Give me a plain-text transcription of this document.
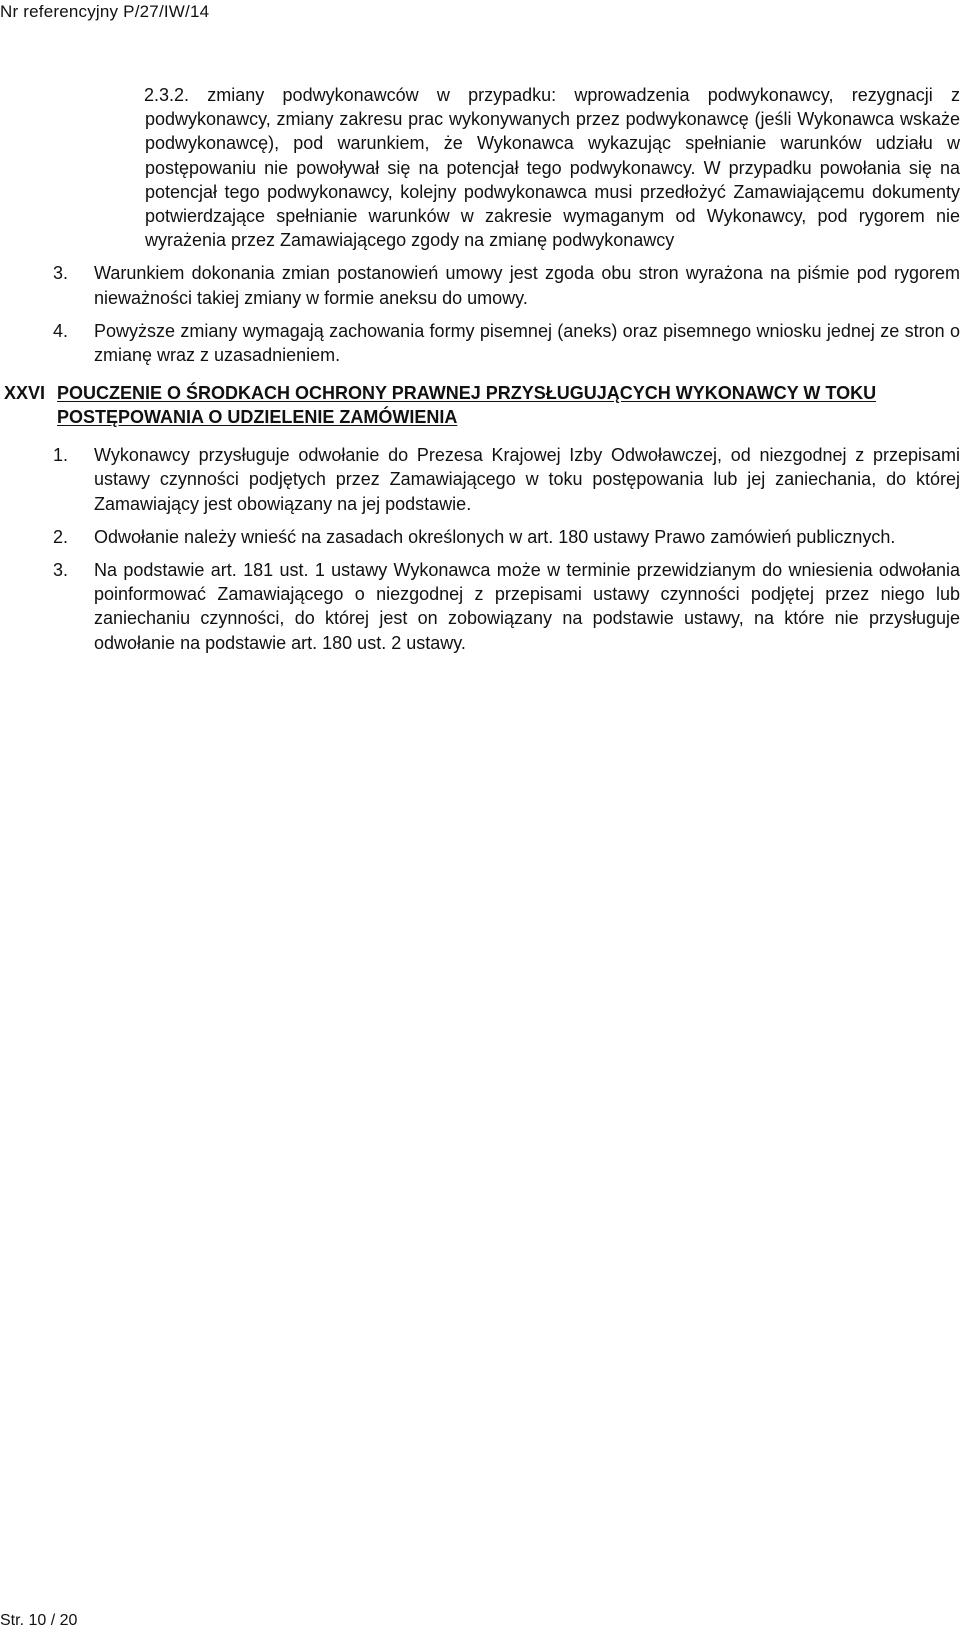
Nr referencyjny P/27/IW/14
2.3.2. zmiany podwykonawców w przypadku: wprowadzenia podwykonawcy, rezygnacji z podwykonawcy, zmiany zakresu prac wykonywanych przez podwykonawcę (jeśli Wykonawca wskaże podwykonawcę), pod warunkiem, że Wykonawca wykazując spełnianie warunków udziału w postępowaniu nie powoływał się na potencjał tego podwykonawcy. W przypadku powołania się na potencjał tego podwykonawcy, kolejny podwykonawca musi przedłożyć Zamawiającemu dokumenty potwierdzające spełnianie warunków w zakresie wymaganym od Wykonawcy, pod rygorem nie wyrażenia przez Zamawiającego zgody na zmianę podwykonawcy
3. Warunkiem dokonania zmian postanowień umowy jest zgoda obu stron wyrażona na piśmie pod rygorem nieważności takiej zmiany w formie aneksu do umowy.
4. Powyższe zmiany wymagają zachowania formy pisemnej (aneks) oraz pisemnego wniosku jednej ze stron o zmianę wraz z uzasadnieniem.
XXVI POUCZENIE O ŚRODKACH OCHRONY PRAWNEJ PRZYSŁUGUJĄCYCH WYKONAWCY W TOKU POSTĘPOWANIA O UDZIELENIE ZAMÓWIENIA
1. Wykonawcy przysługuje odwołanie do Prezesa Krajowej Izby Odwoławczej, od niezgodnej z przepisami ustawy czynności podjętych przez Zamawiającego w toku postępowania lub jej zaniechania, do której Zamawiający jest obowiązany na jej podstawie.
2. Odwołanie należy wnieść na zasadach określonych w art. 180 ustawy Prawo zamówień publicznych.
3. Na podstawie art. 181 ust. 1 ustawy Wykonawca może w terminie przewidzianym do wniesienia odwołania poinformować Zamawiającego o niezgodnej z przepisami ustawy czynności podjętej przez niego lub zaniechaniu czynności, do której jest on zobowiązany na podstawie ustawy, na które nie przysługuje odwołanie na podstawie art. 180 ust. 2 ustawy.
Str. 10 / 20
